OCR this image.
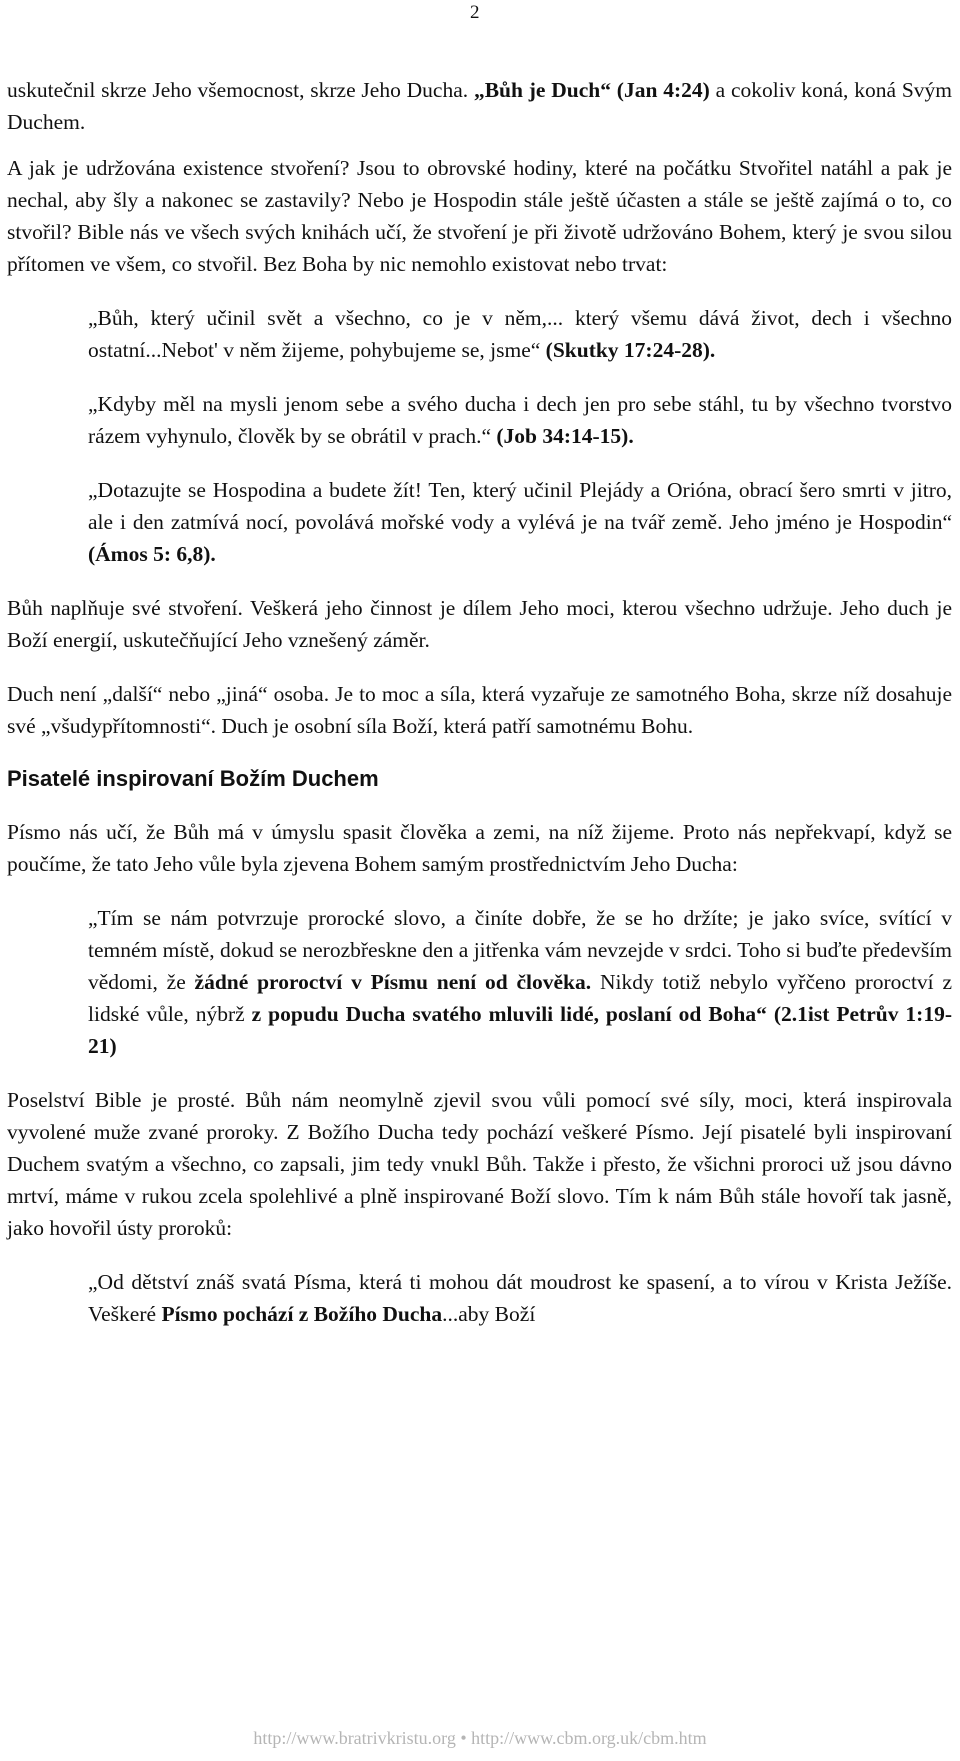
2

uskutečnil skrze Jeho všemocnost, skrze Jeho Ducha. „Bůh je Duch“ (Jan 4:24) a cokoliv koná, koná Svým Duchem.

A jak je udržována existence stvoření? Jsou to obrovské hodiny, které na počátku Stvořitel natáhl a pak je nechal, aby šly a nakonec se zastavily? Nebo je Hospodin stále ještě účasten a stále se ještě zajímá o to, co stvořil? Bible nás ve všech svých knihách učí, že stvoření je při životě udržováno Bohem, který je svou silou přítomen ve všem, co stvořil. Bez Boha by nic nemohlo existovat nebo trvat:

„Bůh, který učinil svět a všechno, co je v něm,... který všemu dává život, dech i všechno ostatní...Nebot' v něm žijeme, pohybujeme se, jsme“ (Skutky 17:24-28).

„Kdyby měl na mysli jenom sebe a svého ducha i dech jen pro sebe stáhl, tu by všechno tvorstvo rázem vyhynulo, člověk by se obrátil v prach.“ (Job 34:14-15).

„Dotazujte se Hospodina a budete žít! Ten, který učinil Plejády a Orióna, obrací šero smrti v jitro, ale i den zatmívá nocí, povolává mořské vody a vylévá je na tvář země. Jeho jméno je Hospodin“ (Ámos 5: 6,8).

Bůh naplňuje své stvoření. Veškerá jeho činnost je dílem Jeho moci, kterou všechno udržuje. Jeho duch je Boží energií, uskutečňující Jeho vznešený záměr.

Duch není „další“ nebo „jiná“ osoba. Je to moc a síla, která vyzařuje ze samotného Boha, skrze níž dosahuje své „všudypřítomnosti“. Duch je osobní síla Boží, která patří samotnému Bohu.

Pisatelé inspirovaní Božím Duchem

Písmo nás učí, že Bůh má v úmyslu spasit člověka a zemi, na níž žijeme. Proto nás nepřekvapí, když se poučíme, že tato Jeho vůle byla zjevena Bohem samým prostřednictvím Jeho Ducha:

„Tím se nám potvrzuje prorocké slovo, a činíte dobře, že se ho držíte; je jako svíce, svítící v temném místě, dokud se nerozbřeskne den a jitřenka vám nevzejde v srdci. Toho si buďte především vědomi, že žádné proroctví v Písmu není od člověka. Nikdy totiž nebylo vyřčeno proroctví z lidské vůle, nýbrž z popudu Ducha svatého mluvili lidé, poslaní od Boha“ (2.1ist Petrův 1:19-21)

Poselství Bible je prosté. Bůh nám neomylně zjevil svou vůli pomocí své síly, moci, která inspirovala vyvolené muže zvané proroky. Z Božího Ducha tedy pochází veškeré Písmo. Její pisatelé byli inspirovaní Duchem svatým a všechno, co zapsali, jim tedy vnukl Bůh. Takže i přesto, že všichni proroci už jsou dávno mrtví, máme v rukou zcela spolehlivé a plně inspirované Boží slovo. Tím k nám Bůh stále hovoří tak jasně, jako hovořil ústy proroků:

„Od dětství znáš svatá Písma, která ti mohou dát moudrost ke spasení, a to vírou v Krista Ježíše. Veškeré Písmo pochází z Božího Ducha...aby Boží

http://www.bratrivkristu.org • http://www.cbm.org.uk/cbm.htm
